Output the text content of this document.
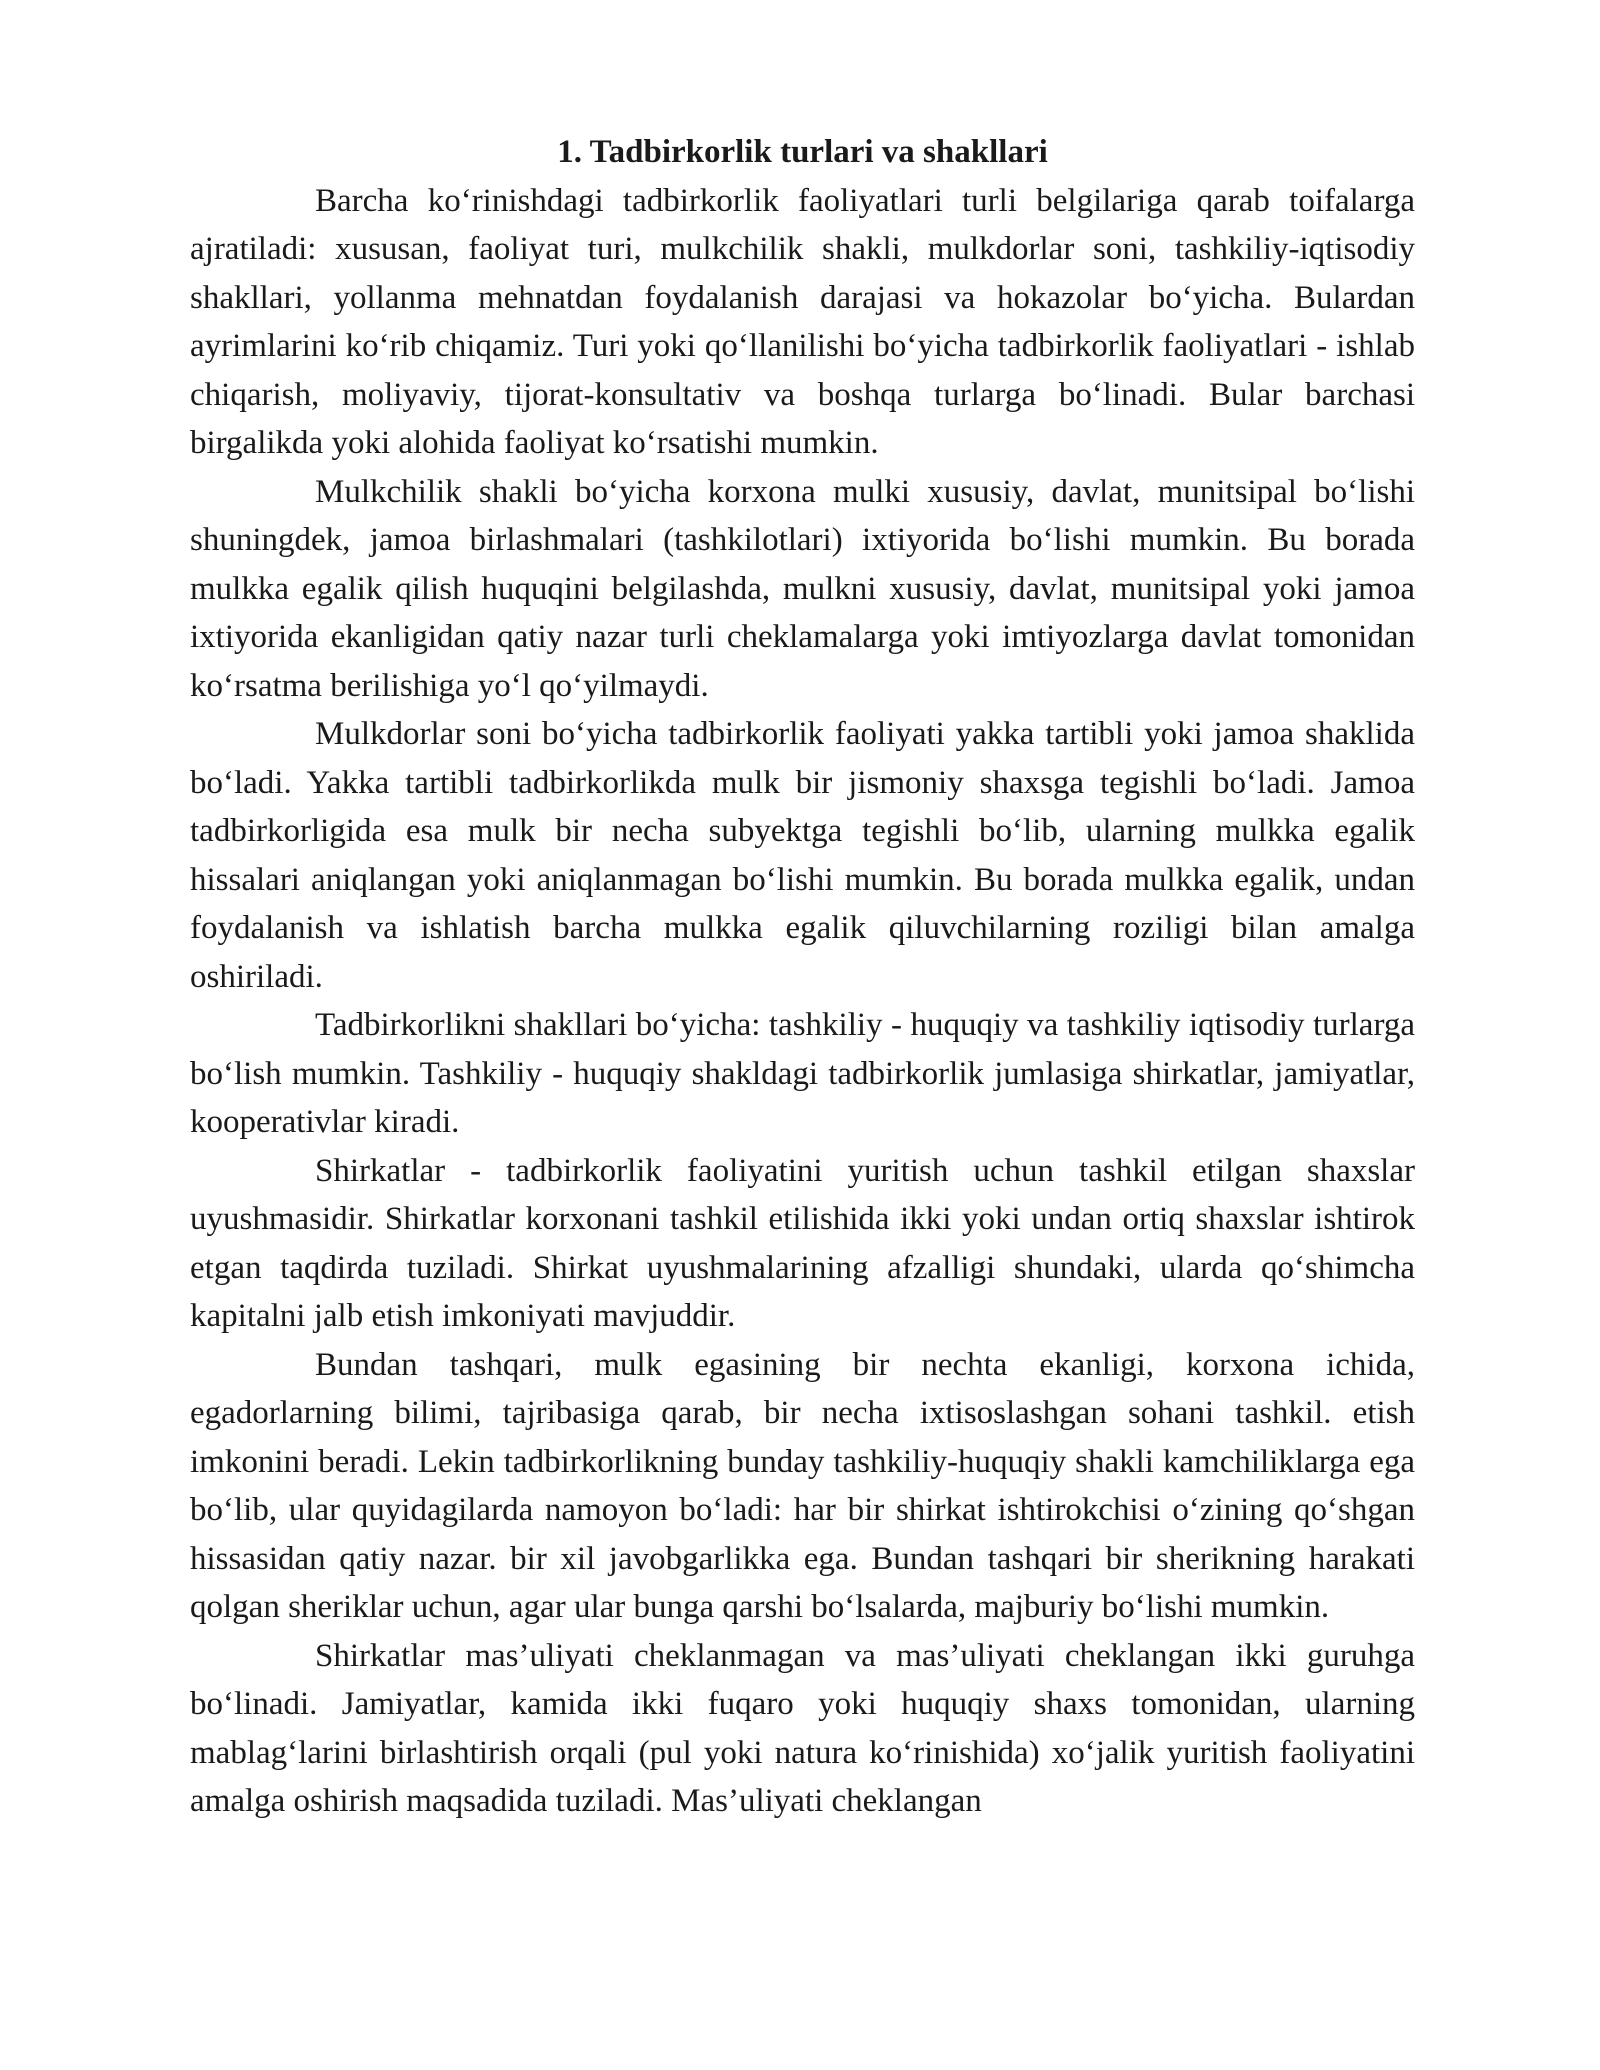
1. Tadbirkorlik turlari va shakllari

Barcha ko‘rinishdagi tadbirkorlik faoliyatlari turli belgilariga qarab toifalarga ajratiladi: xususan, faoliyat turi, mulkchilik shakli, mulkdorlar soni, tashkiliy-iqtisodiy shakllari, yollanma mehnatdan foydalanish darajasi va hokazolar bo‘yicha. Bulardan ayrimlarini ko‘rib chiqamiz. Turi yoki qo‘llanilishi bo‘yicha tadbirkorlik faoliyatlari - ishlab chiqarish, moliyaviy, tijorat-konsultativ va boshqa turlarga bo‘linadi. Bular barchasi birgalikda yoki alohida faoliyat ko‘rsatishi mumkin.

Mulkchilik shakli bo‘yicha korxona mulki xususiy, davlat, munitsipal bo‘lishi shuningdek, jamoa birlashmalari (tashkilotlari) ixtiyorida bo‘lishi mumkin. Bu borada mulkka egalik qilish huquqini belgilashda, mulkni xususiy, davlat, munitsipal yoki jamoa ixtiyorida ekanligidan qatiy nazar turli cheklamalarga yoki imtiyozlarga davlat tomonidan ko‘rsatma berilishiga yo‘l qo‘yilmaydi.

Mulkdorlar soni bo‘yicha tadbirkorlik faoliyati yakka tartibli yoki jamoa shaklida bo‘ladi. Yakka tartibli tadbirkorlikda mulk bir jismoniy shaxsga tegishli bo‘ladi. Jamoa tadbirkorligida esa mulk bir necha subyektga tegishli bo‘lib, ularning mulkka egalik hissalari aniqlangan yoki aniqlanmagan bo‘lishi mumkin. Bu borada mulkka egalik, undan foydalanish va ishlatish barcha mulkka egalik qiluvchilarning roziligi bilan amalga oshiriladi.

Tadbirkorlikni shakllari bo‘yicha: tashkiliy - huquqiy va tashkiliy iqtisodiy turlarga bo‘lish mumkin. Tashkiliy - huquqiy shakldagi tadbirkorlik jumlasiga shirkatlar, jamiyatlar, kooperativlar kiradi.

Shirkatlar - tadbirkorlik faoliyatini yuritish uchun tashkil etilgan shaxslar uyushmasidir. Shirkatlar korxonani tashkil etilishida ikki yoki undan ortiq shaxslar ishtirok etgan taqdirda tuziladi. Shirkat uyushmalarining afzalligi shundaki, ularda qo‘shimcha kapitalni jalb etish imkoniyati mavjuddir.

Bundan tashqari, mulk egasining bir nechta ekanligi, korxona ichida, egadorlarning bilimi, tajribasiga qarab, bir necha ixtisoslashgan sohani tashkil. etish imkonini beradi. Lekin tadbirkorlikning bunday tashkiliy-huquqiy shakli kamchiliklarga ega bo‘lib, ular quyidagilarda namoyon bo‘ladi: har bir shirkat ishtirokchisi o‘zining qo‘shgan hissasidan qatiy nazar. bir xil javobgarlikka ega. Bundan tashqari bir sherikning harakati qolgan sheriklar uchun, agar ular bunga qarshi bo‘lsalarda, majburiy bo‘lishi mumkin.

Shirkatlar mas’uliyati cheklanmagan va mas’uliyati cheklangan ikki guruhga bo‘linadi. Jamiyatlar, kamida ikki fuqaro yoki huquqiy shaxs tomonidan, ularning mablag‘larini birlashtirish orqali (pul yoki natura ko‘rinishida) xo‘jalik yuritish faoliyatini amalga oshirish maqsadida tuziladi. Mas’uliyati cheklangan
